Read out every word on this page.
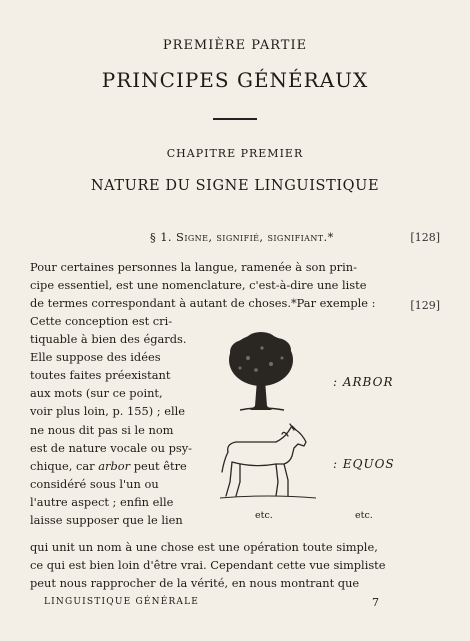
PREMIÈRE PARTIE
PRINCIPES GÉNÉRAUX
CHAPITRE PREMIER
NATURE DU SIGNE LINGUISTIQUE
§ 1. Signe, signifié, signifiant.*	[128]
Pour certaines personnes la langue, ramenée à son prin-
cipe essentiel, est une nomenclature, c'est-à-dire une liste
de termes correspondant à autant de choses.*Par exemple :	[129]
Cette conception est cri-
tiquable à bien des égards.
Elle suppose des idées
toutes faites préexistant
aux mots (sur ce point,
voir plus loin, p. 155) ; elle
ne nous dit pas si le nom
est de nature vocale ou psy-
chique, car arbor peut être
considéré sous l'un ou
l'autre aspect ; enfin elle
laisse supposer que le lien
: ARBOR
: EQUOS
etc.	etc.
qui unit un nom à une chose est une opération toute simple,
ce qui est bien loin d'être vrai. Cependant cette vue simpliste
peut nous rapprocher de la vérité, en nous montrant que
LINGUISTIQUE GÉNÉRALE	7
